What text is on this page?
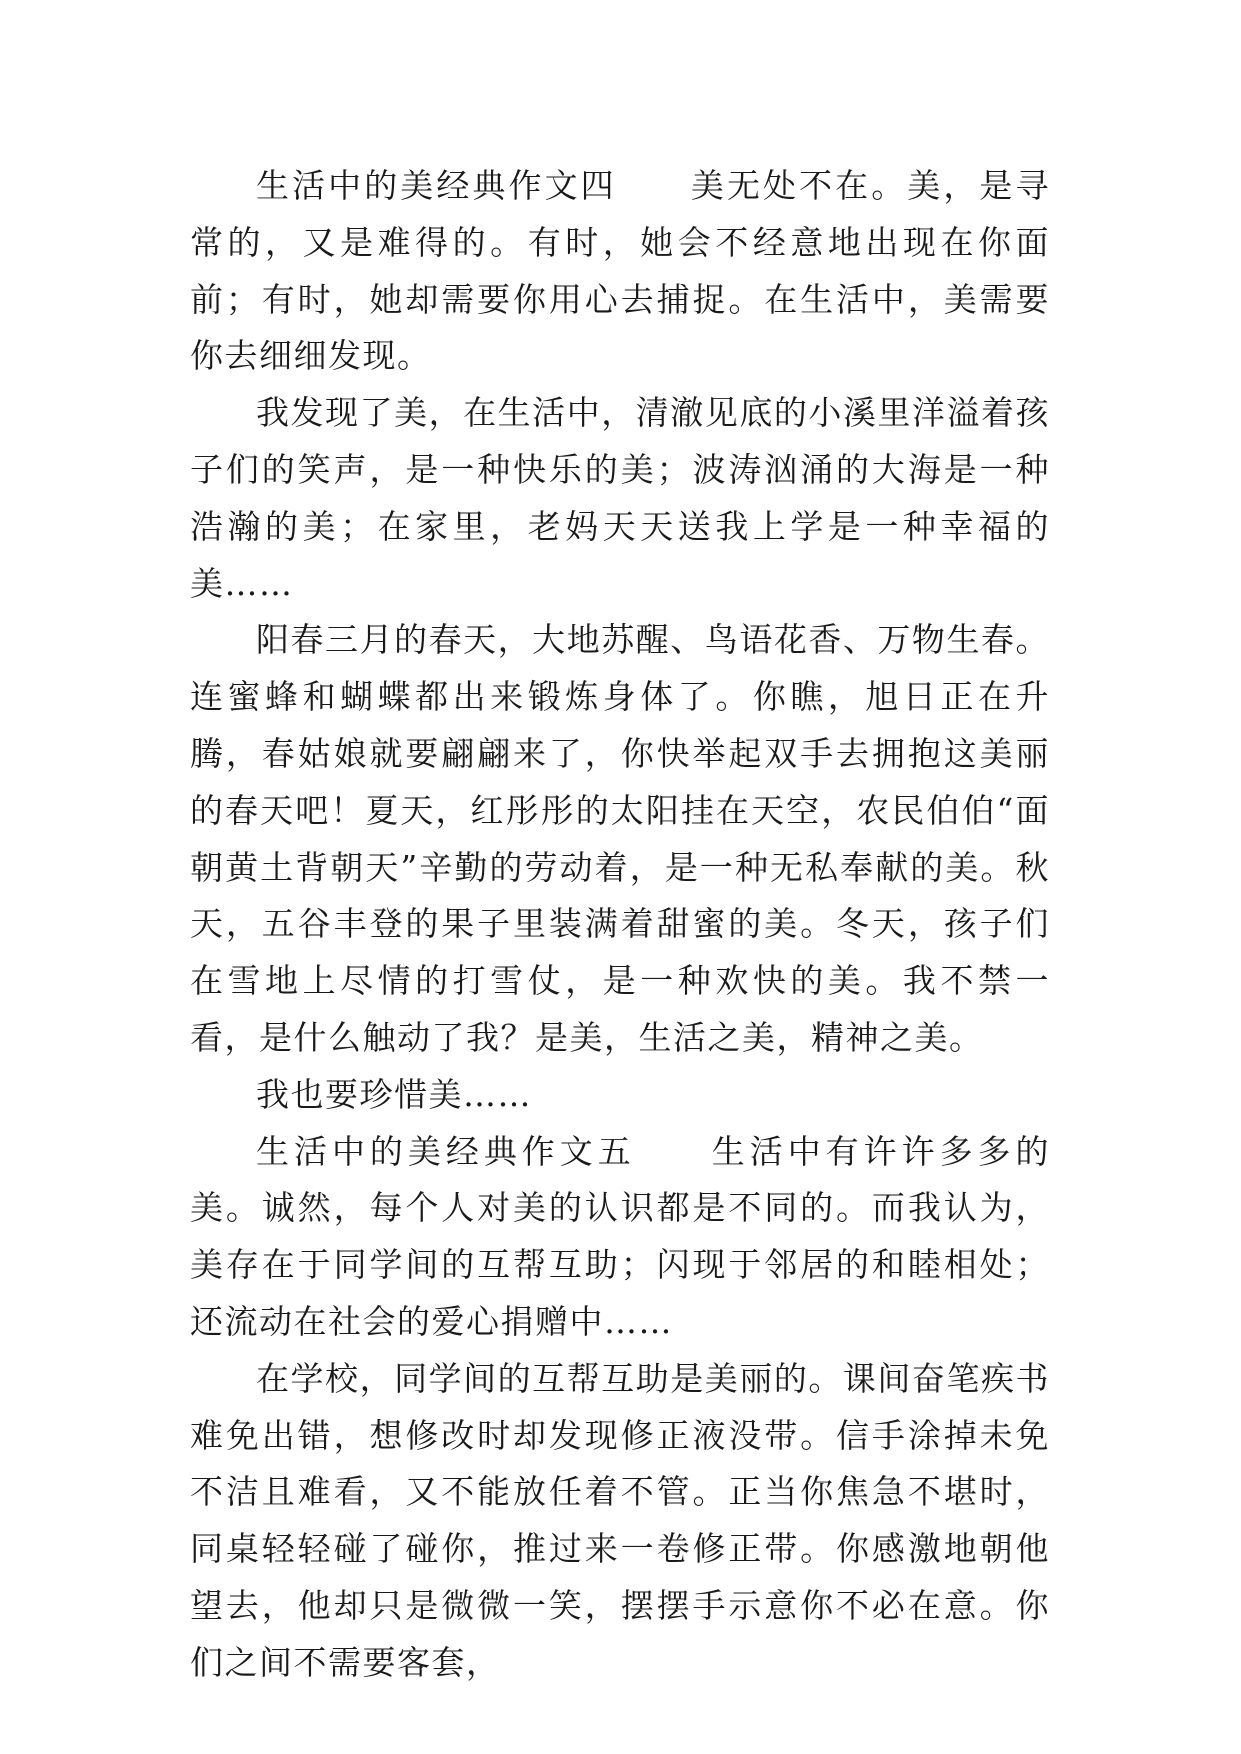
生活中的美经典作文四 美无处不在。美，是寻常的，又是难得的。有时，她会不经意地出现在你面前；有时，她却需要你用心去捕捉。在生活中，美需要你去细细发现。

我发现了美，在生活中，清澈见底的小溪里洋溢着孩子们的笑声，是一种快乐的美；波涛汹涌的大海是一种浩瀚的美；在家里，老妈天天送我上学是一种幸福的美……

阳春三月的春天，大地苏醒、鸟语花香、万物生春。连蜜蜂和蝴蝶都出来锻炼身体了。你瞧，旭日正在升腾，春姑娘就要翩翩来了，你快举起双手去拥抱这美丽的春天吧！夏天，红彤彤的太阳挂在天空，农民伯伯“面朝黄土背朝天”辛勤的劳动着，是一种无私奉献的美。秋天，五谷丰登的果子里装满着甜蜜的美。冬天，孩子们在雪地上尽情的打雪仗，是一种欢快的美。我不禁一看，是什么触动了我？是美，生活之美，精神之美。

我也要珍惜美……

生活中的美经典作文五 生活中有许许多多的美。诚然，每个人对美的认识都是不同的。而我认为，美存在于同学间的互帮互助；闪现于邻居的和睦相处；还流动在社会的爱心捐赠中……

在学校，同学间的互帮互助是美丽的。课间奋笔疾书难免出错，想修改时却发现修正液没带。信手涂掉未免不洁且难看，又不能放任着不管。正当你焦急不堪时，同桌轻轻碰了碰你，推过来一卷修正带。你感激地朝他望去，他却只是微微一笑，摆摆手示意你不必在意。你们之间不需要客套，
